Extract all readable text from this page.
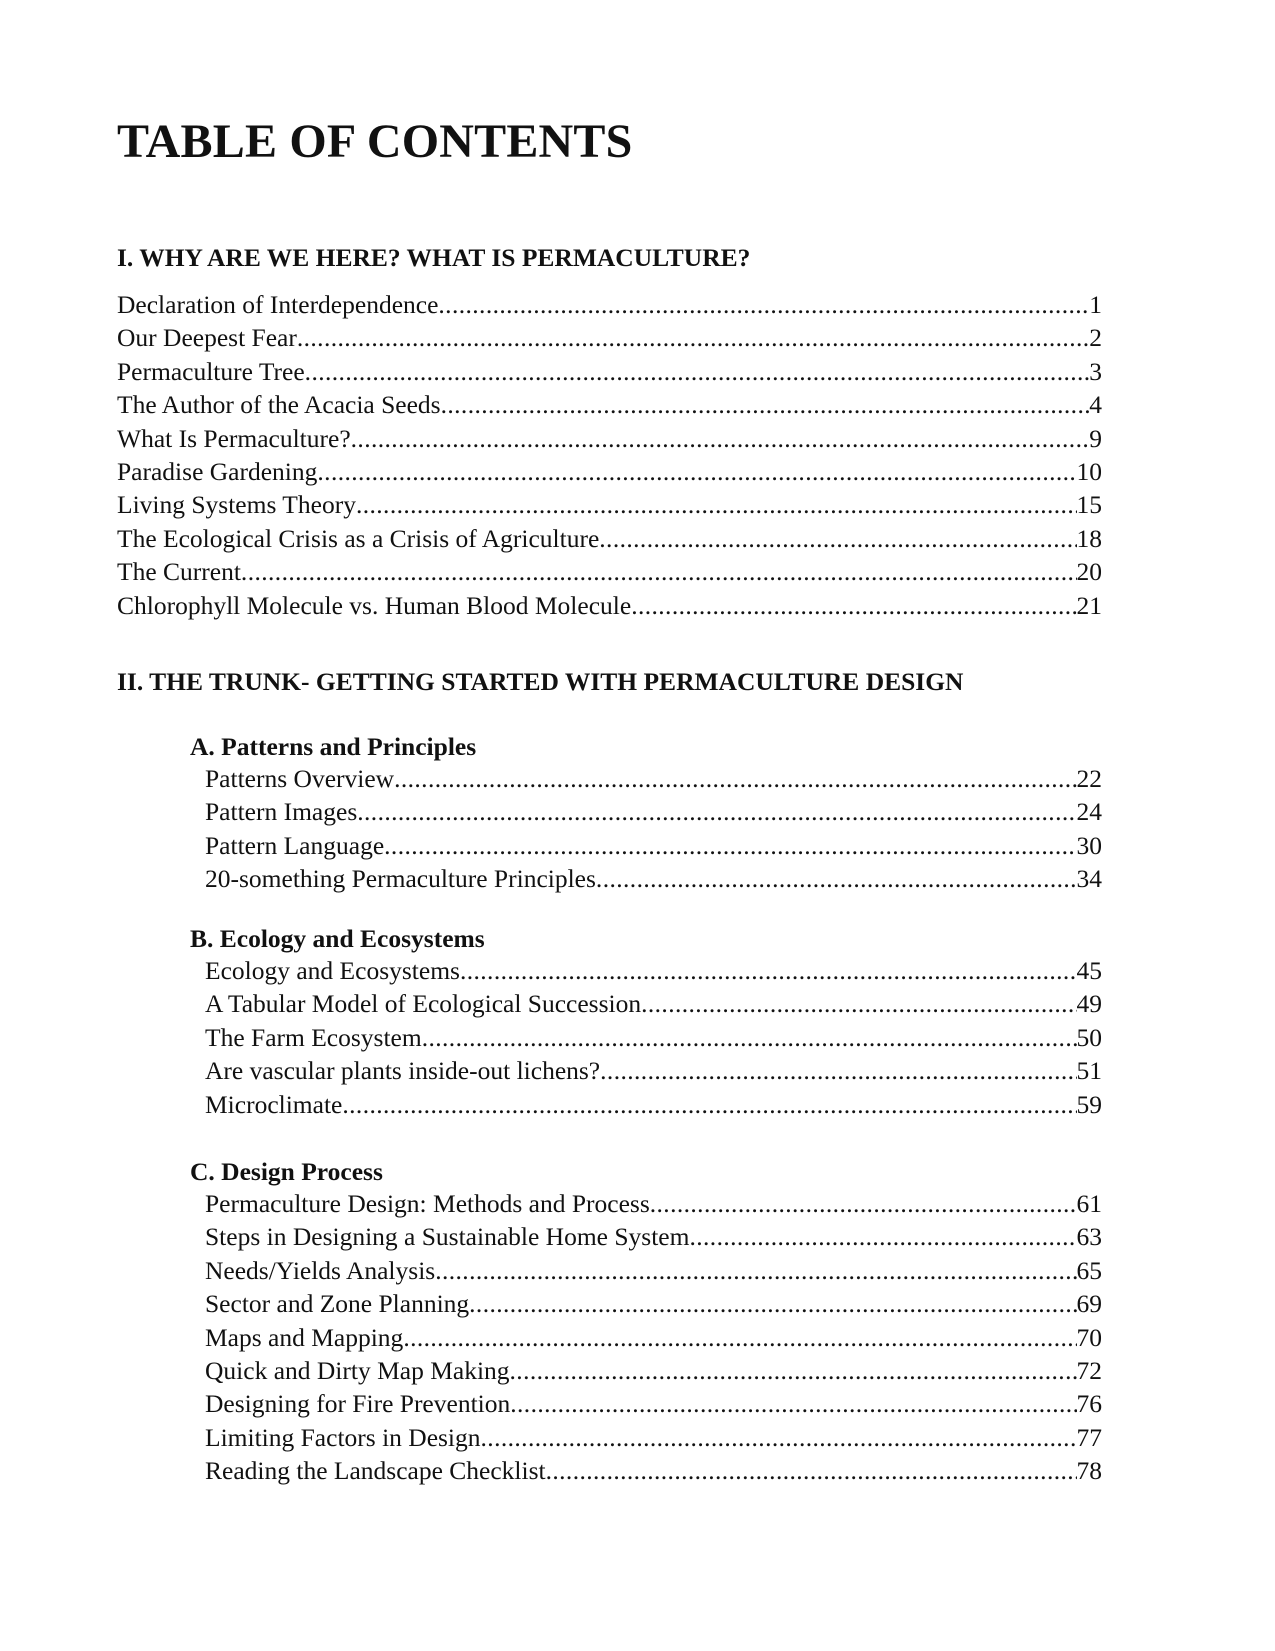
TABLE OF CONTENTS
I. WHY ARE WE HERE? WHAT IS PERMACULTURE?
Declaration of Interdependence .....	1
Our Deepest Fear .....	2
Permaculture Tree .....	3
The Author of the Acacia Seeds .....	4
What Is Permaculture? .....	9
Paradise Gardening .....	10
Living Systems Theory .....	15
The Ecological Crisis as a Crisis of Agriculture .....	18
The Current .....	20
Chlorophyll Molecule vs. Human Blood Molecule .....	21
II. THE TRUNK- GETTING STARTED WITH PERMACULTURE DESIGN
A. Patterns and Principles
Patterns Overview .....	22
Pattern Images .....	24
Pattern Language .....	30
20-something Permaculture Principles .....	34
B. Ecology and Ecosystems
Ecology and Ecosystems .....	45
A Tabular Model of Ecological Succession .....	49
The Farm Ecosystem .....	50
Are vascular plants inside-out lichens? .....	51
Microclimate .....	59
C. Design Process
Permaculture Design: Methods and Process .....	61
Steps in Designing a Sustainable Home System .....	63
Needs/Yields Analysis .....	65
Sector and Zone Planning .....	69
Maps and Mapping .....	70
Quick and Dirty Map Making .....	72
Designing for Fire Prevention .....	76
Limiting Factors in Design .....	77
Reading the Landscape Checklist .....	78
